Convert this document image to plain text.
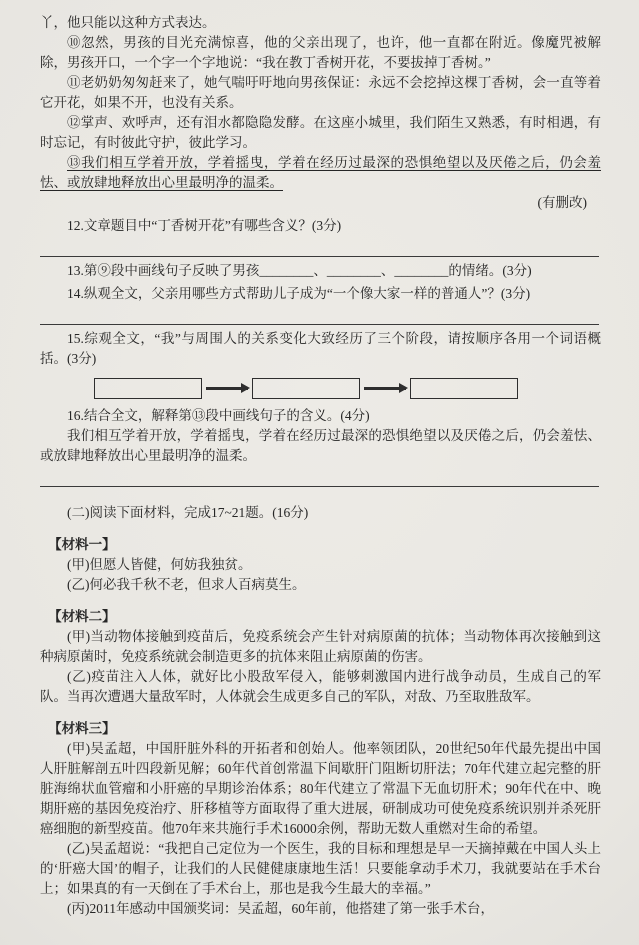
丫，他只能以这种方式表达。

⑩忽然，男孩的目光充满惊喜，他的父亲出现了，也许，他一直都在附近。像魔咒被解除，男孩开口，一个字一个字地说：“我在教丁香树开花，不要拔掉丁香树。”

⑪老奶奶匆匆赶来了，她气喘吁吁地向男孩保证：永远不会挖掉这棵丁香树，会一直等着它开花，如果不开，也没有关系。

⑫掌声、欢呼声，还有泪水都隐隐发酵。在这座小城里，我们陌生又熟悉，有时相遇，有时忘记，有时彼此守护，彼此学习。

⑬我们相互学着开放，学着摇曳，学着在经历过最深的恐惧绝望以及厌倦之后，仍会羞怯、或放肆地释放出心里最明净的温柔。

(有删改)

12.文章题目中“丁香树开花”有哪些含义？(3分)

13.第⑨段中画线句子反映了男孩________、________、________的情绪。(3分)

14.纵观全文，父亲用哪些方式帮助儿子成为“一个像大家一样的普通人”？(3分)

15.综观全文，“我”与周围人的关系变化大致经历了三个阶段，请按顺序各用一个词语概括。(3分)

16.结合全文，解释第⑬段中画线句子的含义。(4分)

我们相互学着开放，学着摇曳，学着在经历过最深的恐惧绝望以及厌倦之后，仍会羞怯、或放肆地释放出心里最明净的温柔。

(二)阅读下面材料，完成17~21题。(16分)

【材料一】

(甲)但愿人皆健，何妨我独贫。

(乙)何必我千秋不老，但求人百病莫生。

【材料二】

(甲)当动物体接触到疫苗后，免疫系统会产生针对病原菌的抗体；当动物体再次接触到这种病原菌时，免疫系统就会制造更多的抗体来阻止病原菌的伤害。

(乙)疫苗注入人体，就好比小股敌军侵入，能够刺激国内进行战争动员，生成自己的军队。当再次遭遇大量敌军时，人体就会生成更多自己的军队，对敌、乃至取胜敌军。

【材料三】

(甲)吴孟超，中国肝脏外科的开拓者和创始人。他率领团队，20世纪50年代最先提出中国人肝脏解剖五叶四段新见解；60年代首创常温下间歇肝门阻断切肝法；70年代建立起完整的肝脏海绵状血管瘤和小肝癌的早期诊治体系；80年代建立了常温下无血切肝术；90年代在中、晚期肝癌的基因免疫治疗、肝移植等方面取得了重大进展，研制成功可使免疫系统识别并杀死肝癌细胞的新型疫苗。他70年来共施行手术16000余例，帮助无数人重燃对生命的希望。

(乙)吴孟超说：“我把自己定位为一个医生，我的目标和理想是早一天摘掉戴在中国人头上的‘肝癌大国’的帽子，让我们的人民健健康康地生活！只要能拿动手术刀，我就要站在手术台上；如果真的有一天倒在了手术台上，那也是我今生最大的幸福。”

(丙)2011年感动中国颁奖词：吴孟超，60年前，他搭建了第一张手术台，
